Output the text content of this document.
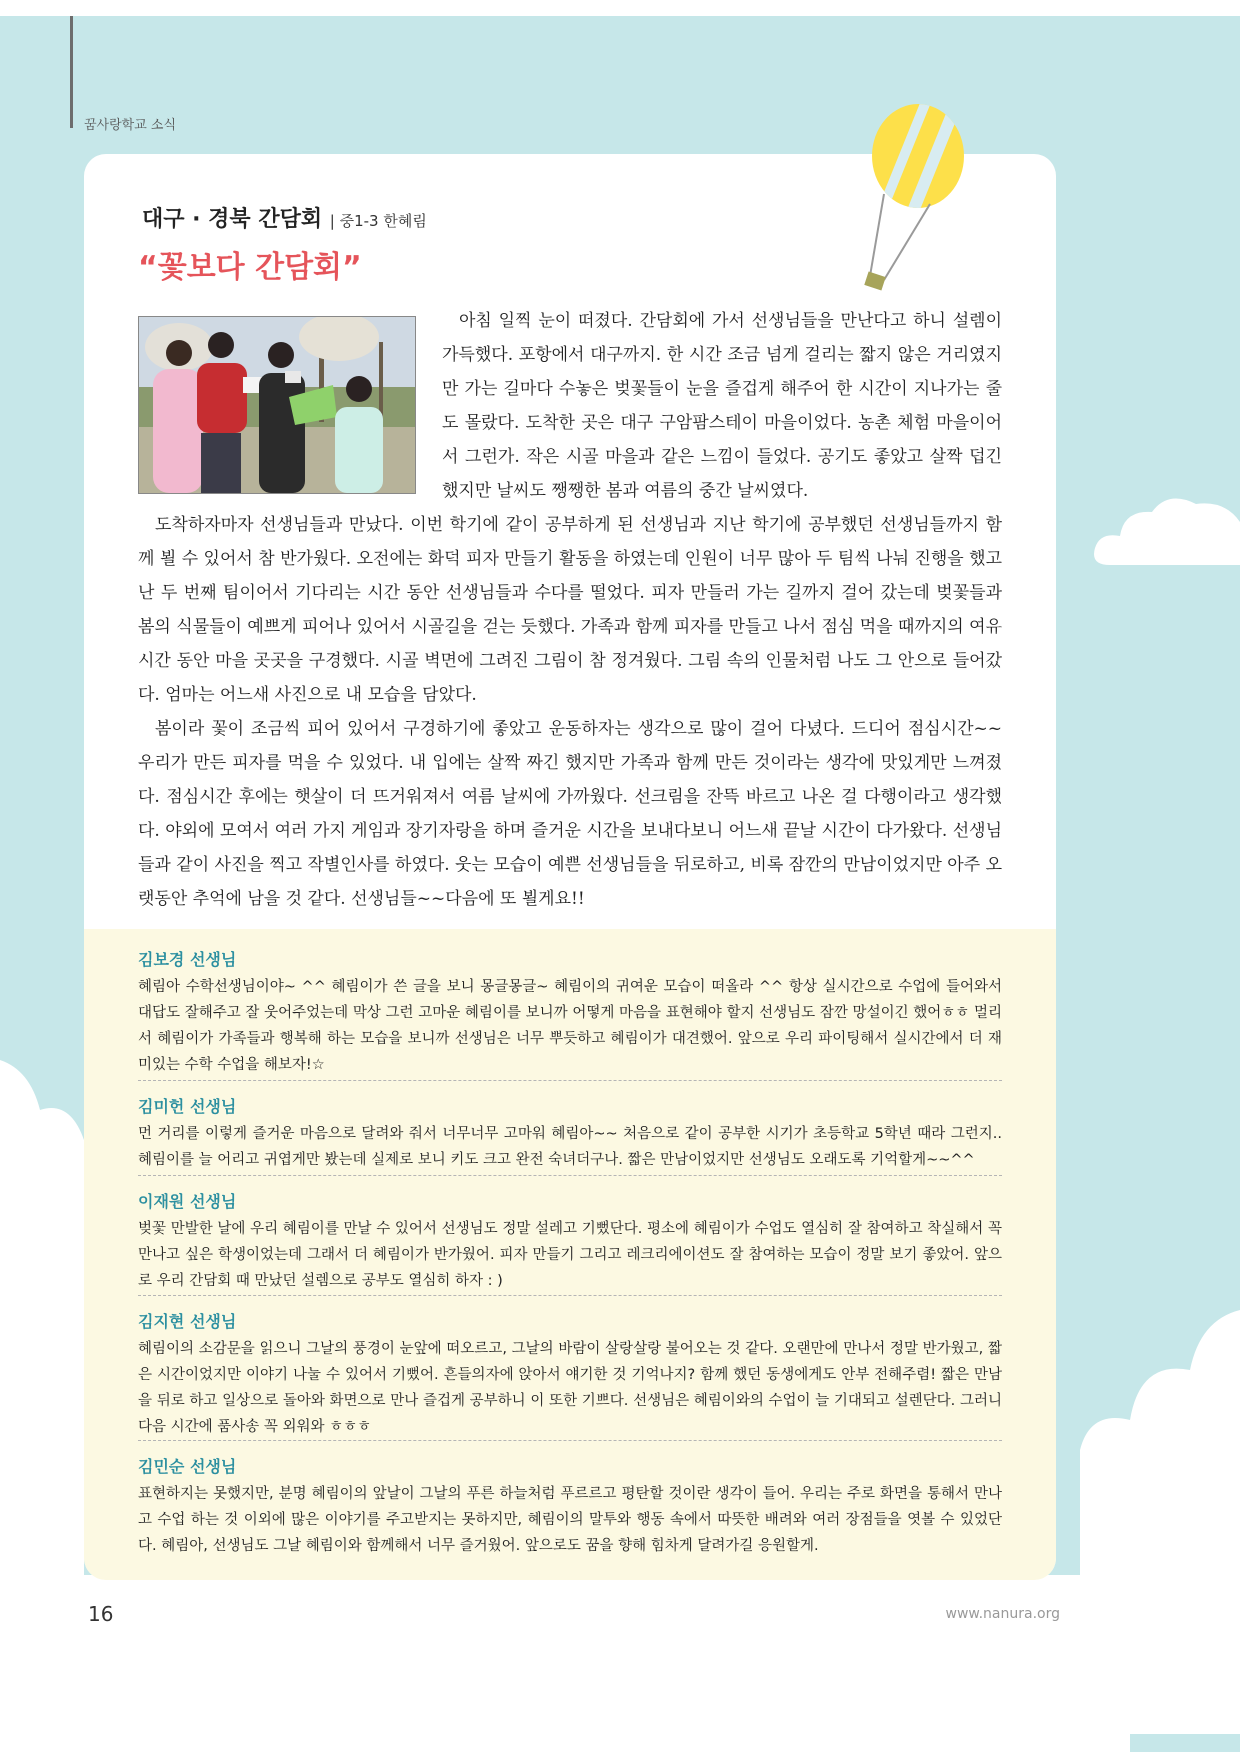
꿈사랑학교 소식
대구 · 경북 간담회 | 중1-3 한혜림
“꽃보다 간담회”
아침 일찍 눈이 떠졌다. 간담회에 가서 선생님들을 만난다고 하니 설렘이 가득했다. 포항에서 대구까지. 한 시간 조금 넘게 걸리는 짧지 않은 거리였지만 가는 길마다 수놓은 벚꽃들이 눈을 즐겁게 해주어 한 시간이 지나가는 줄도 몰랐다. 도착한 곳은 대구 구암팜스테이 마을이었다. 농촌 체험 마을이어서 그런가. 작은 시골 마을과 같은 느낌이 들었다. 공기도 좋았고 살짝 덥긴 했지만 날씨도 쨍쨍한 봄과 여름의 중간 날씨였다.
도착하자마자 선생님들과 만났다. 이번 학기에 같이 공부하게 된 선생님과 지난 학기에 공부했던 선생님들까지 함께 뵐 수 있어서 참 반가웠다. 오전에는 화덕 피자 만들기 활동을 하였는데 인원이 너무 많아 두 팀씩 나눠 진행을 했고 난 두 번째 팀이어서 기다리는 시간 동안 선생님들과 수다를 떨었다. 피자 만들러 가는 길까지 걸어 갔는데 벚꽃들과 봄의 식물들이 예쁘게 피어나 있어서 시골길을 걷는 듯했다. 가족과 함께 피자를 만들고 나서 점심 먹을 때까지의 여유시간 동안 마을 곳곳을 구경했다. 시골 벽면에 그려진 그림이 참 정겨웠다. 그림 속의 인물처럼 나도 그 안으로 들어갔다. 엄마는 어느새 사진으로 내 모습을 담았다.
봄이라 꽃이 조금씩 피어 있어서 구경하기에 좋았고 운동하자는 생각으로 많이 걸어 다녔다. 드디어 점심시간~~ 우리가 만든 피자를 먹을 수 있었다. 내 입에는 살짝 짜긴 했지만 가족과 함께 만든 것이라는 생각에 맛있게만 느껴졌다. 점심시간 후에는 햇살이 더 뜨거워져서 여름 날씨에 가까웠다. 선크림을 잔뜩 바르고 나온 걸 다행이라고 생각했다. 야외에 모여서 여러 가지 게임과 장기자랑을 하며 즐거운 시간을 보내다보니 어느새 끝날 시간이 다가왔다. 선생님들과 같이 사진을 찍고 작별인사를 하였다. 웃는 모습이 예쁜 선생님들을 뒤로하고, 비록 잠깐의 만남이었지만 아주 오랫동안 추억에 남을 것 같다. 선생님들~~다음에 또 뵐게요!!
김보경 선생님
혜림아 수학선생님이야~ ^^ 혜림이가 쓴 글을 보니 몽글몽글~ 혜림이의 귀여운 모습이 떠올라 ^^ 항상 실시간으로 수업에 들어와서 대답도 잘해주고 잘 웃어주었는데 막상 그런 고마운 혜림이를 보니까 어떻게 마음을 표현해야 할지 선생님도 잠깐 망설이긴 했어ㅎㅎ 멀리서 혜림이가 가족들과 행복해 하는 모습을 보니까 선생님은 너무 뿌듯하고 혜림이가 대견했어. 앞으로 우리 파이팅해서 실시간에서 더 재미있는 수학 수업을 해보자!☆
김미헌 선생님
먼 거리를 이렇게 즐거운 마음으로 달려와 줘서 너무너무 고마워 혜림아~~ 처음으로 같이 공부한 시기가 초등학교 5학년 때라 그런지.. 혜림이를 늘 어리고 귀엽게만 봤는데 실제로 보니 키도 크고 완전 숙녀더구나. 짧은 만남이었지만 선생님도 오래도록 기억할게~~^^
이재원 선생님
벚꽃 만발한 날에 우리 혜림이를 만날 수 있어서 선생님도 정말 설레고 기뻤단다. 평소에 혜림이가 수업도 열심히 잘 참여하고 착실해서 꼭 만나고 싶은 학생이었는데 그래서 더 혜림이가 반가웠어. 피자 만들기 그리고 레크리에이션도 잘 참여하는 모습이 정말 보기 좋았어. 앞으로 우리 간담회 때 만났던 설렘으로 공부도 열심히 하자 : )
김지현 선생님
혜림이의 소감문을 읽으니 그날의 풍경이 눈앞에 떠오르고, 그날의 바람이 살랑살랑 불어오는 것 같다. 오랜만에 만나서 정말 반가웠고, 짧은 시간이었지만 이야기 나눌 수 있어서 기뻤어. 흔들의자에 앉아서 얘기한 것 기억나지? 함께 했던 동생에게도 안부 전해주렴! 짧은 만남을 뒤로 하고 일상으로 돌아와 화면으로 만나 즐겁게 공부하니 이 또한 기쁘다. 선생님은 혜림이와의 수업이 늘 기대되고 설렌단다. 그러니 다음 시간에 품사송 꼭 외워와 ㅎㅎㅎ
김민순 선생님
표현하지는 못했지만, 분명 혜림이의 앞날이 그날의 푸른 하늘처럼 푸르르고 평탄할 것이란 생각이 들어. 우리는 주로 화면을 통해서 만나고 수업 하는 것 이외에 많은 이야기를 주고받지는 못하지만, 혜림이의 말투와 행동 속에서 따뜻한 배려와 여러 장점들을 엿볼 수 있었단다. 혜림아, 선생님도 그날 혜림이와 함께해서 너무 즐거웠어. 앞으로도 꿈을 향해 힘차게 달려가길 응원할게.
16	www.nanura.org
